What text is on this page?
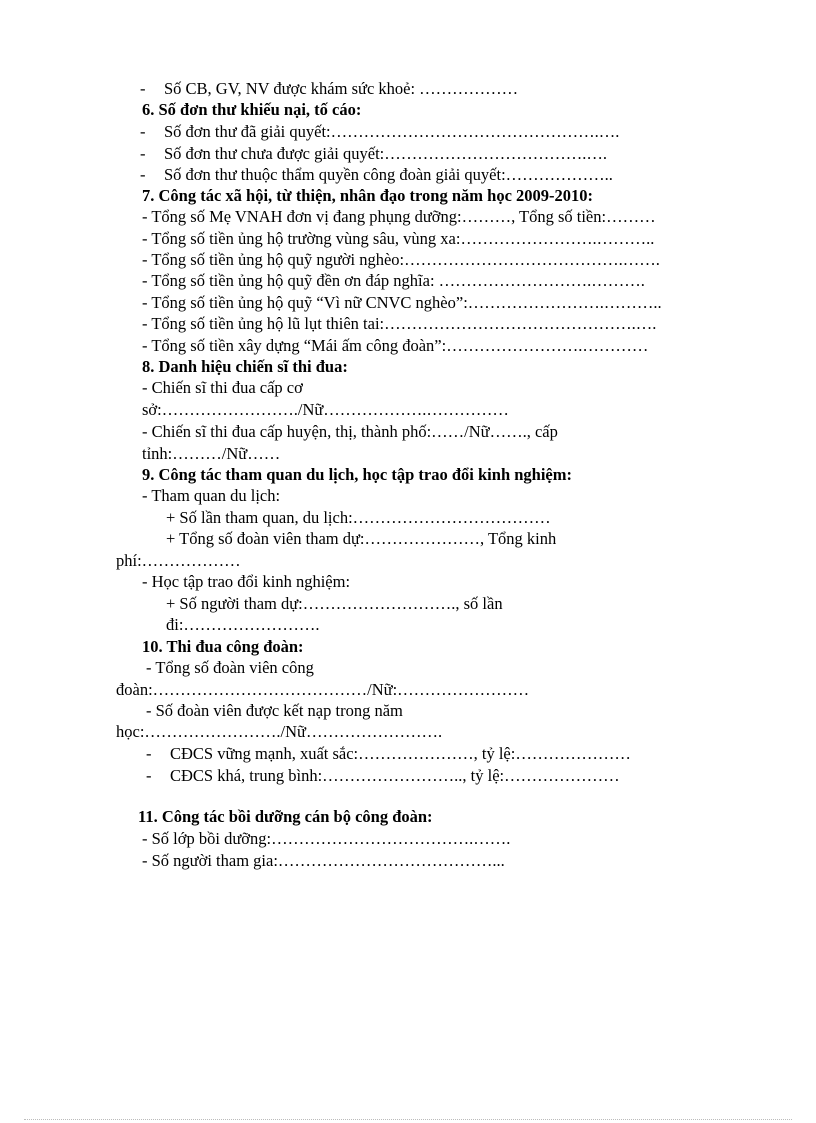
- Số CB, GV, NV được khám sức khoẻ: ………………
6. Số đơn thư khiếu nại, tố cáo:
- Số đơn thư đã giải quyết:………………………………………….….
- Số đơn thư chưa được giải quyết:……………………………….….
- Số đơn thư thuộc thẩm quyền công đoàn giải quyết:………………..
7. Công tác xã hội, từ thiện, nhân đạo trong năm học 2009-2010:
- Tổng số Mẹ VNAH đơn vị đang phụng dưỡng:………, Tổng số tiền:………
- Tổng số tiền ủng hộ trường vùng sâu, vùng xa:…………………….………..
- Tổng số tiền ủng hộ quỹ người nghèo:………………………………….…….
- Tổng số tiền ủng hộ quỹ đền ơn đáp nghĩa: ……………………….……….
- Tổng số tiền ủng hộ quỹ “Vì nữ CNVC nghèo”:…………………….………..
- Tổng số tiền ủng hộ lũ lụt thiên tai:……………………………………….….
- Tổng số tiền xây dựng “Mái ấm công đoàn”:…………………….…………
8. Danh hiệu chiến sĩ thi đua:
- Chiến sĩ thi đua cấp cơ
sở:……………………./Nữ……………….……………
- Chiến sĩ thi đua cấp huyện, thị, thành phố:……/Nữ……., cấp
tỉnh:………/Nữ……
9. Công tác tham quan du lịch, học tập trao đổi kinh nghiệm:
- Tham quan du lịch:
+ Số lần tham quan, du lịch:………………………………
+ Tổng số đoàn viên tham dự:…………………, Tổng kinh
phí:………………
- Học tập trao đổi kinh nghiệm:
+ Số người tham dự:………………………., số lần
đi:…………………….
10. Thi đua công đoàn:
- Tổng số đoàn viên công
đoàn:…………………………………/Nữ:……………………
- Số đoàn viên được kết nạp trong năm
học:……………………./Nữ…………………….
- CĐCS vững mạnh, xuất sắc:…………………, tỷ lệ:…………………
- CĐCS khá, trung bình:…………………….., tỷ lệ:…………………
11. Công tác bồi dưỡng cán bộ công đoàn:
- Số lớp bồi dưỡng:……………………………….…….
- Số người tham gia:…………………………………...
